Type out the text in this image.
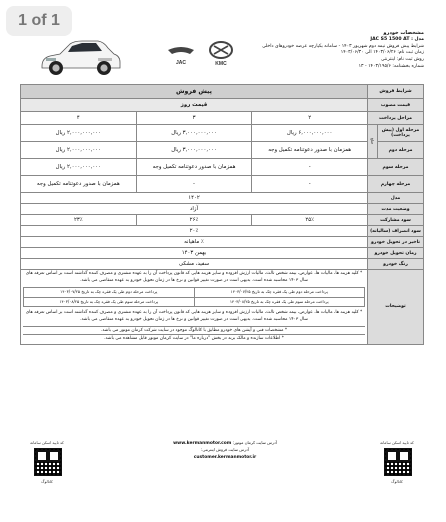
1 of 1
JAC	KMC
مشخصات خودرو
مدل : JAC S5 1500 AT
شرایط پیش فروش نیمه دوم شهریور ۱۴۰۳ - سامانه یکپارچه عرضه خودروهای داخلی
زمان ثبت نام: ۱۴۰۳/۰۶/۲۶ الی ۱۴۰۳/۰۶/۳۰
روش ثبت نام: اینترنتی
شماره بخشنامه: ۱۴۰۳/۱۹۵/۶ - ۱۳
شرایط فروش	پیش فروش
قیمت مصوب	قیمت روز
مراحل پرداخت	۲	۳	۴
مرحله اول (پیش پرداخت)	مبلغ	۶,۰۰۰,۰۰۰,۰۰۰ ریال	۳,۰۰۰,۰۰۰,۰۰۰ ریال	۲,۰۰۰,۰۰۰,۰۰۰ ریال
مرحله دوم	همزمان با صدور دعوتنامه تکمیل وجه	۳,۰۰۰,۰۰۰,۰۰۰ ریال	۲,۰۰۰,۰۰۰,۰۰۰ ریال
مرحله سوم	-	همزمان با صدور دعوتنامه تکمیل وجه	۲,۰۰۰,۰۰۰,۰۰۰ ریال
مرحله چهارم	-	-	همزمان با صدور دعوتنامه تکمیل وجه
مدل	۱۴۰۲
وضعیت مدت	آزاد
سود مشارکت	۲۵٪	۲۶٪	۲۳٪
سود انصراف (سالیانه)	۲۰٪
تاخیر در تحویل خودرو	٪ ماهیانه
زمان تحویل خودرو	بهمن ۱۴۰۳
رنگ خودرو	سفید، مشکی
توضیحات	
* کلیه هزینه ها، مالیات ها، عوارض، بیمه شخص ثالث، مالیات ارزش افزوده و سایر هزینه هایی که قانون پرداخت آن را به عهده مشتری و مصرف کننده گذاشته است بر اساس تعرفه های سال ۱۴۰۳ محاسبه شده است. بدیهی است در صورت تغییر قوانین و نرخ ها در زمان تحویل خودرو به عهده متقاضی می باشد.
پرداخت مرحله دوم طی یک فقره چک به تاریخ ۱۴۰۳/۰۷/۲۵	پرداخت مرحله دوم طی یک فقره چک به تاریخ ۱۴۰۳/۰۷/۲۵
پرداخت مرحله سوم طی یک فقره چک به تاریخ ۱۴۰۳/۰۸/۲۵	پرداخت مرحله سوم طی یک فقره چک به تاریخ ۱۴۰۳/۰۸/۲۵
* کلیه هزینه ها، مالیات ها، عوارض، بیمه شخص ثالث، مالیات ارزش افزوده و سایر هزینه هایی که قانون پرداخت آن را به عهده مشتری و مصرف کننده گذاشته است بر اساس تعرفه های سال ۱۴۰۳ محاسبه شده است. بدیهی است در صورت تغییر قوانین و نرخ ها در زمان تحویل خودرو به عهده متقاضی می باشد.
* مشخصات فنی و آپشن های خودرو مطابق با کاتالوگ موجود در سایت شرکت کرمان موتور می باشد.
* اطلاعات سازنده و مالک برند در بخش "درباره ما" در سایت کرمان موتور قابل مشاهده می باشد.
کد تایید اسکن سامانه
کاتالوگ
آدرس سایت کرمان موتور: www.kermanmotor.com
آدرس سایت فروش اینترنتی: customer.kermanmotor.ir
کد تایید اسکن سامانه
کاتالوگ
